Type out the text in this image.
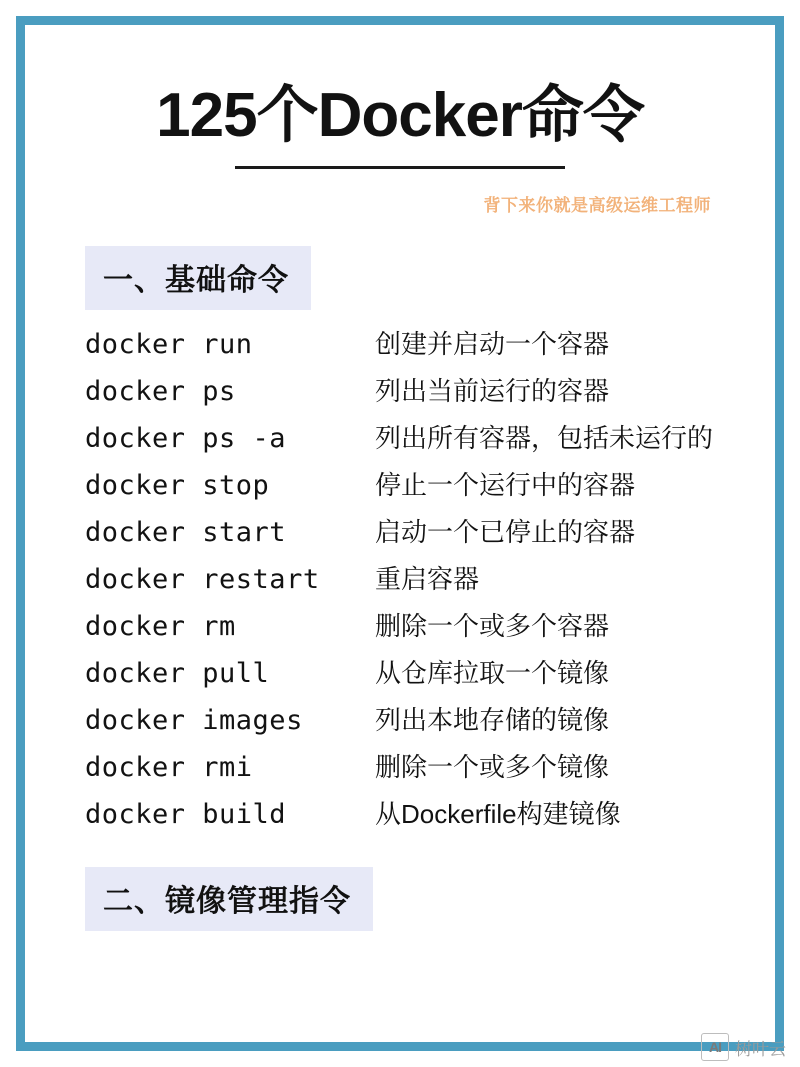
125个Docker命令
背下来你就是高级运维工程师
一、基础命令
docker run	创建并启动一个容器
docker ps	列出当前运行的容器
docker ps -a	列出所有容器，包括未运行的
docker stop	停止一个运行中的容器
docker start	启动一个已停止的容器
docker restart	重启容器
docker rm	删除一个或多个容器
docker pull	从仓库拉取一个镜像
docker images	列出本地存储的镜像
docker rmi	删除一个或多个镜像
docker build	从Dockerfile构建镜像
二、镜像管理指令
AI 树叶云
